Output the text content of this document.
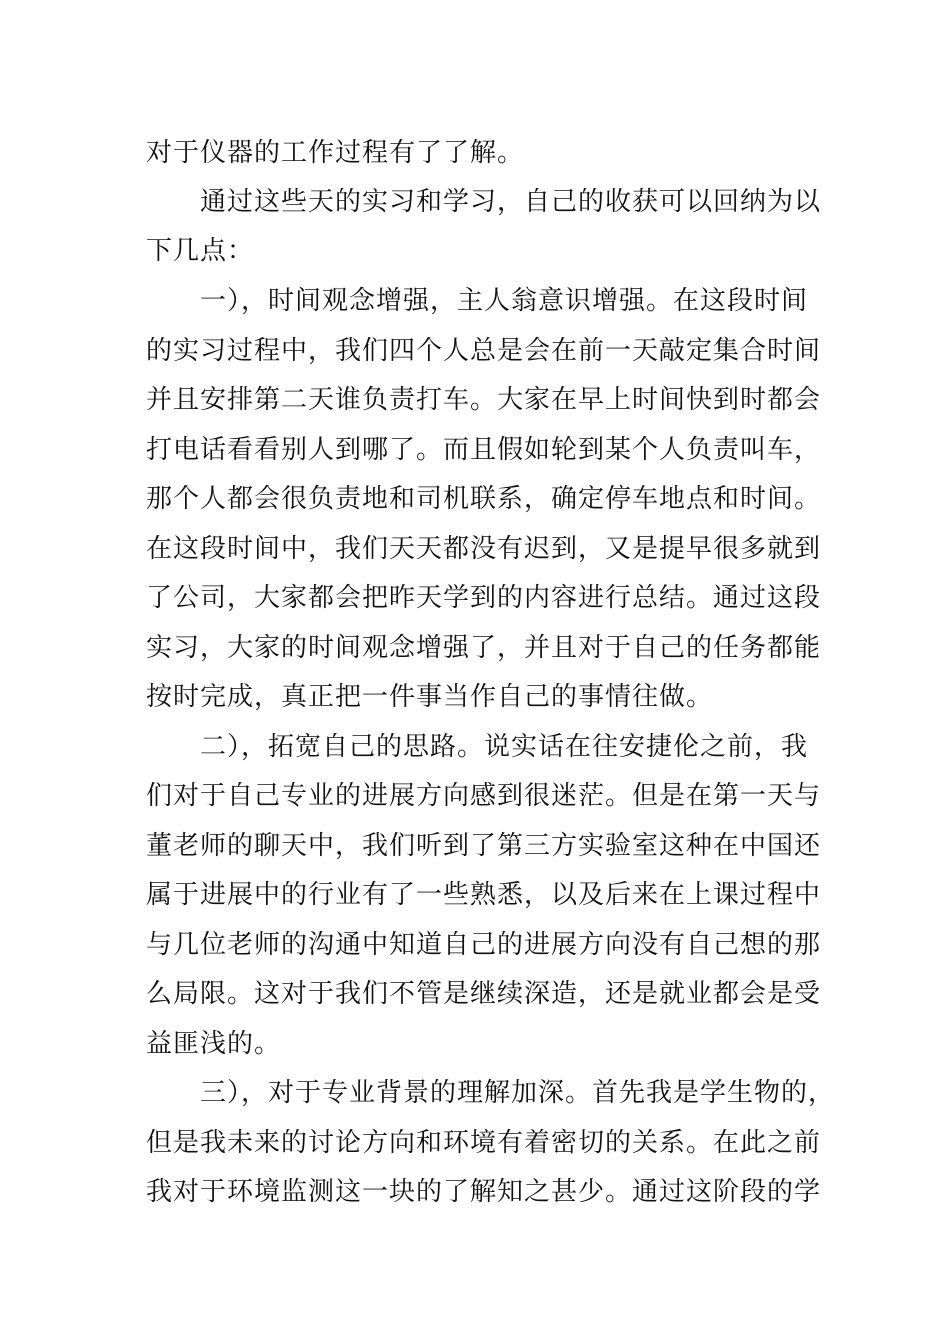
对于仪器的工作过程有了了解。
　　通过这些天的实习和学习，自己的收获可以回纳为以
下几点：
　　一），时间观念增强，主人翁意识增强。在这段时间
的实习过程中，我们四个人总是会在前一天敲定集合时间
并且安排第二天谁负责打车。大家在早上时间快到时都会
打电话看看别人到哪了。而且假如轮到某个人负责叫车，
那个人都会很负责地和司机联系，确定停车地点和时间。
在这段时间中，我们天天都没有迟到，又是提早很多就到
了公司，大家都会把昨天学到的内容进行总结。通过这段
实习，大家的时间观念增强了，并且对于自己的任务都能
按时完成，真正把一件事当作自己的事情往做。
　　二），拓宽自己的思路。说实话在往安捷伦之前，我
们对于自己专业的进展方向感到很迷茫。但是在第一天与
董老师的聊天中，我们听到了第三方实验室这种在中国还
属于进展中的行业有了一些熟悉，以及后来在上课过程中
与几位老师的沟通中知道自己的进展方向没有自己想的那
么局限。这对于我们不管是继续深造，还是就业都会是受
益匪浅的。
　　三），对于专业背景的理解加深。首先我是学生物的，
但是我未来的讨论方向和环境有着密切的关系。在此之前
我对于环境监测这一块的了解知之甚少。通过这阶段的学
